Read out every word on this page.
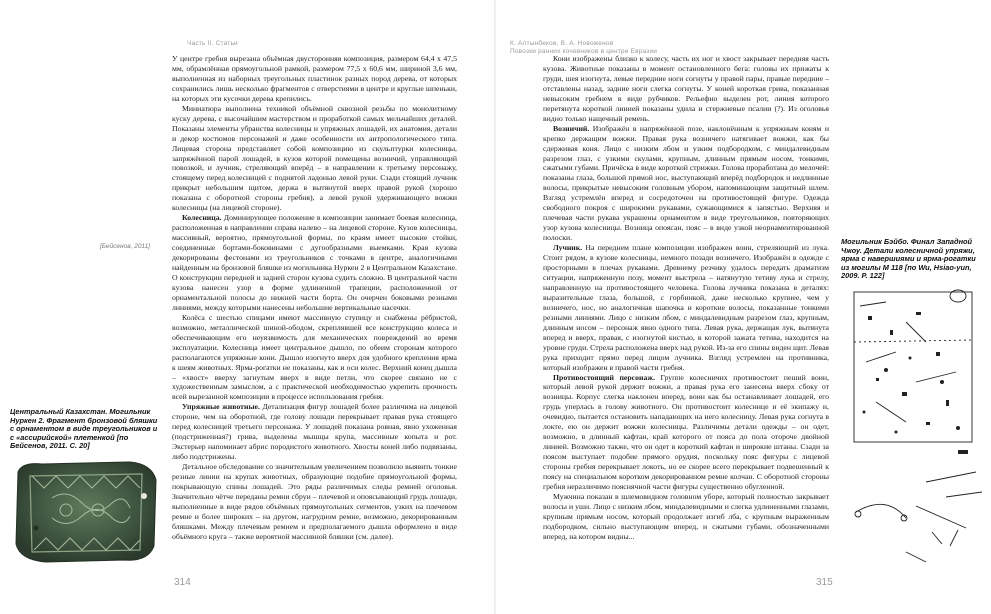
Часть II. Статьи
[Бейсенов, 2011]
Центральный Казахстан. Могильник Нуркен 2. Фрагмент бронзовой бляшки с орнаментом в виде треугольников и с «ассирийской» плетенкой [по Бейсенов, 2011. С. 20]

У центре гребня вырезана объёмная двусторонняя композиция, размером 64,4 х 47,5 мм, обрамлённая прямоугольной рамкой, размером 77,5 х 60,6 мм, шириной 3,6 мм, выполненная из наборных треугольных пластинок разных пород дерева, от которых сохранились лишь несколько фрагментов с отверстиями в центре и круглые шпеньки, на которых эти кусочки дерева крепились.

Миниатюра выполнена техникой объёмной сквозной резьбы по монолитному куску дерева, с высочайшим мастерством и проработкой самых мельчайших деталей. Показаны элементы убранства колесницы и упряжных лошадей, их анатомия, детали и декор костюмов персонажей и даже особенности их антропологического типа. Лицевая сторона представляет собой композицию из скульптурки колесницы, запряжённой парой лошадей, в кузов которой помещены возничий, управляющий повозкой, и лучник, стреляющий вперёд – в направлении к третьему персонажу, стоящему перед колесницей с поднятой ладонью левой руки. Сзади стоящий лучник прикрыт небольшим щитом, держа в вытянутой вверх правой рукой (хорошо показана с оборотной стороны гребня), а левой рукой удерживающего вожжи колесницы (на лицевой стороне).

Колесница. Доминирующее положение в композиции занимает боевая колесница, расположенная в направлении справа налево – на лицевой стороне. Кузов колесницы, массивный, вероятно, прямоугольной формы, по краям имеет высокие стойки, соединенные бортами-боковинами с дугообразными выемками. Края кузова декорированы фестонами из треугольников с точками в центре, аналогичными найденным на бронзовой бляшке из могильника Нуркен 2 в Центральном Казахстане. О конструкции передней и задней сторон кузова судить сложно. В центральной части кузова нанесен узор в форме удлиненной трапеции, расположенной от орнаментальной полосы до нижней части борта. Он очерчен боковыми резными линиями, между которыми нанесены небольшие вертикальные насечки.

Колёса с шестью спицами имеют массивную ступицу и снабжены рёбристой, возможно, металлической шиной-ободом, скреплявшей все конструкцию колеса и обеспечивающим его неуязвимость для механических повреждений во время эксплуатации. Колесница имеет центральное дышло, по обеим сторонам которого располагаются упряжные кони. Дышло изогнуто вверх для удобного крепления ярма к шеям животных. Ярма-рогатки не показаны, как и оси колес. Верхний конец дышла – «хвост» вверху загнутым вверх в виде петли, что скорее связано не с художественным замыслом, а с практической необходимостью укрепить прочность всей вырезанной композиции в процессе использования гребня.

Упряжные животные. Детализация фигур лошадей более различима на лицевой стороне, чем на оборотной, где голову лошади перекрывает правая рука стоящего перед колесницей третьего персонажа. У лошадей показана ровная, явно ухоженная (подстриженная?) грива, выделены мышцы крупа, массивные копыта и рот. Экстерьер напоминает абрис породистого животного. Хвосты коней либо подвязаны, либо подстрижены.

Детальное обследование со значительным увеличением позволило выявить тонкие резные линии на крупах животных, образующие подобие прямоугольной формы, покрывающую спины лошадей. Это ряды различимых следы ремней оголовья. Значительно чётче переданы ремни сбруи – плечевой и опоясывающий грудь лошади, выполненные в виде рядов объёмных прямоугольных сегментов, узких на плечевом ремне и более широких – на другом, нагрудном ремне, возможно, декорированным бляшками. Между плечевым ремнем и предполагаемого дышла оформлено в виде объёмного круга – также вероятной массивной бляшки (см. далее).

314
К. Алтынбеков, В. А. Новоженов
Повозки ранних кочевников в центре Евразии

Кони изображены близко к колесу, часть их ног и хвост закрывает передняя часть кузова. Животные показаны в момент остановленного бега: головы их прижаты к груди, шея изогнута, левые передние ноги согнуты у правой пары, правые передние – отставлены назад, задние ноги слегка согнуты. У коней короткая грива, показанная невысоким гребнем в виде рубчиков. Рельефно выделен рот, линия которого перетянута короткой линией показаны удила и стержневые псалии (?). Из оголовья видно только нащечный ремень.

Возничий. Изображён в напряжённой позе, наклонённым к упряжным коням и крепко держащим вожжи. Правая рука возничего натягивает вожжи, как бы сдерживая коня. Лицо с низким лбом и узким подбородком, с миндалевидным разрезом глаз, с узкими скулами, крупным, длинным прямым носом, тонкими, сжатыми губами. Причёска в виде короткой стрижки. Голова проработана до мелочей: показаны глаза, большой прямой нос, выступающий вперёд подбородок и недлинные волосы, прикрытые невысоким головным убором, напоминающим защитный шлем. Взгляд устремлён вперед и сосредоточен на противостоящей фигуре. Одежда свободного покроя с широкими рукавами, сужающимися к запястью. Верхняя и плечевая части рукава украшены орнаментом в виде треугольников, повторяющих узор кузова колесницы. Возница опоясан, пояс – в виде узкой неорнаментированной полоски.

Лучник. На переднем плане композиции изображен воин, стреляющий из лука. Стоит рядом, в кузове колесницы, немного позади возничего. Изображён в одежде с просторными в плечах рукавами. Древнему резчику удалось передать драматизм ситуации, напряженную позу, момент выстрела – натянутую тетиву лука и стрелу, направленную на противостоящего человека. Голова лучника показана в деталях: выразительные глаза, большой, с горбинкой, даже несколько крупнее, чем у возничего, нос, но аналогичная шапочка и короткие волосы, показанные тонкими резными линиями. Лицо с низким лбом, с миндалевидным разрезом глаз, крупным, длинным носом – персонаж явно одного типа. Левая рука, держащая лук, вытянута вперед и вверх, правая, с изогнутой кистью, в которой зажата тетива, находится на уровне груди. Стрела расположена вверх над рукой. Из-за его спины виден щит. Левая рука приходит прямо перед лицом лучника. Взгляд устремлен на противника, который изображен в правой части гребня.

Противостоящий персонаж. Группе колесничих противостоит пеший воин, который левой рукой держит вожжи, а правая рука его занесена вверх сбоку от возницы. Корпус слегка наклонен вперед, воин как бы останавливает лошадей, его грудь уперлась в голову животного. Он противостоит колеснице и её экипажу и, очевидно, пытается остановить нападающих на него колесницу. Левая рука согнута в локте, ею он держит вожжи колесницы. Различимы детали одежды – он одет, возможно, в длинный кафтан, край которого от пояса до пола отороче двойной линией. Возможно также, что он одет в короткий кафтан и широкие штаны. Сзади за поясом выступает подобие прямого орудия, поскольку пояс фигуры с лицевой стороны гребня перекрывает локоть, но ее скорее всего перекрывает подвешенный к поясу на специальном коротком декорированном ремне колчан. С оборотной стороны гребня неразличимо пояснячной части фигуры существенно обугленной.

Мужчина показан в шлемовидном головном уборе, который полностью закрывает волосы и уши. Лицо с низким лбом, миндалевидными и слегка удлиненными глазами, крупным прямым носом, который продолжает изгиб лба, с крупным выраженным подбородком, сильно выступающим вперед, и сжатыми губами, обозначенными вперед, на котором видны...

Могильник Бэйбо. Финал Западной Чжоу. Детали колесничной упряжи, ярма с навершиями и ярма-рогатки из могилы M 118 [по Wu, Hsiao-yun, 2009. P. 122]
315
